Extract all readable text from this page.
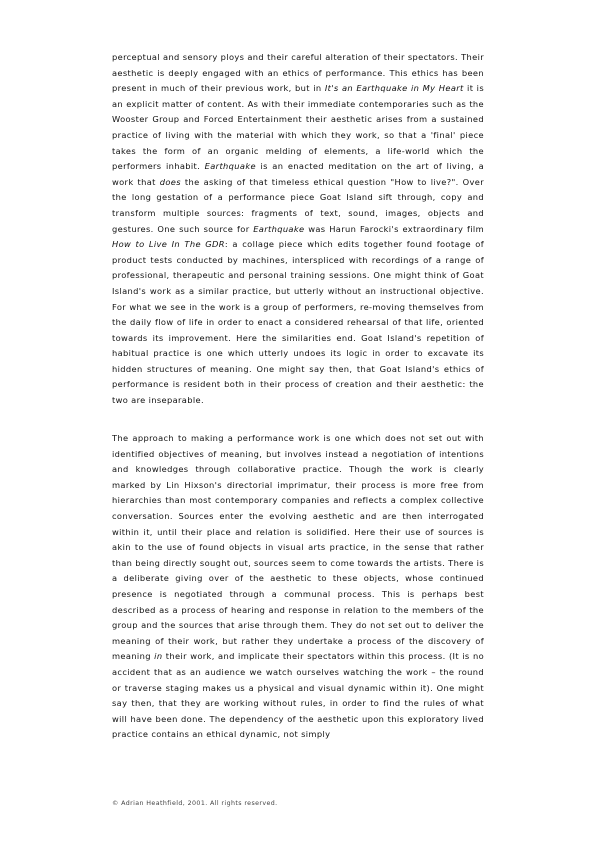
perceptual and sensory ploys and their careful alteration of their spectators. Their aesthetic is deeply engaged with an ethics of performance. This ethics has been present in much of their previous work, but in It's an Earthquake in My Heart it is an explicit matter of content. As with their immediate contemporaries such as the Wooster Group and Forced Entertainment their aesthetic arises from a sustained practice of living with the material with which they work, so that a 'final' piece takes the form of an organic melding of elements, a life-world which the performers inhabit. Earthquake is an enacted meditation on the art of living, a work that does the asking of that timeless ethical question "How to live?". Over the long gestation of a performance piece Goat Island sift through, copy and transform multiple sources: fragments of text, sound, images, objects and gestures. One such source for Earthquake was Harun Farocki's extraordinary film How to Live In The GDR: a collage piece which edits together found footage of product tests conducted by machines, interspliced with recordings of a range of professional, therapeutic and personal training sessions. One might think of Goat Island's work as a similar practice, but utterly without an instructional objective. For what we see in the work is a group of performers, re-moving themselves from the daily flow of life in order to enact a considered rehearsal of that life, oriented towards its improvement. Here the similarities end. Goat Island's repetition of habitual practice is one which utterly undoes its logic in order to excavate its hidden structures of meaning. One might say then, that Goat Island's ethics of performance is resident both in their process of creation and their aesthetic: the two are inseparable.

The approach to making a performance work is one which does not set out with identified objectives of meaning, but involves instead a negotiation of intentions and knowledges through collaborative practice. Though the work is clearly marked by Lin Hixson's directorial imprimatur, their process is more free from hierarchies than most contemporary companies and reflects a complex collective conversation. Sources enter the evolving aesthetic and are then interrogated within it, until their place and relation is solidified. Here their use of sources is akin to the use of found objects in visual arts practice, in the sense that rather than being directly sought out, sources seem to come towards the artists. There is a deliberate giving over of the aesthetic to these objects, whose continued presence is negotiated through a communal process. This is perhaps best described as a process of hearing and response in relation to the members of the group and the sources that arise through them. They do not set out to deliver the meaning of their work, but rather they undertake a process of the discovery of meaning in their work, and implicate their spectators within this process. (It is no accident that as an audience we watch ourselves watching the work – the round or traverse staging makes us a physical and visual dynamic within it). One might say then, that they are working without rules, in order to find the rules of what will have been done. The dependency of the aesthetic upon this exploratory lived practice contains an ethical dynamic, not simply

© Adrian Heathfield, 2001. All rights reserved.
